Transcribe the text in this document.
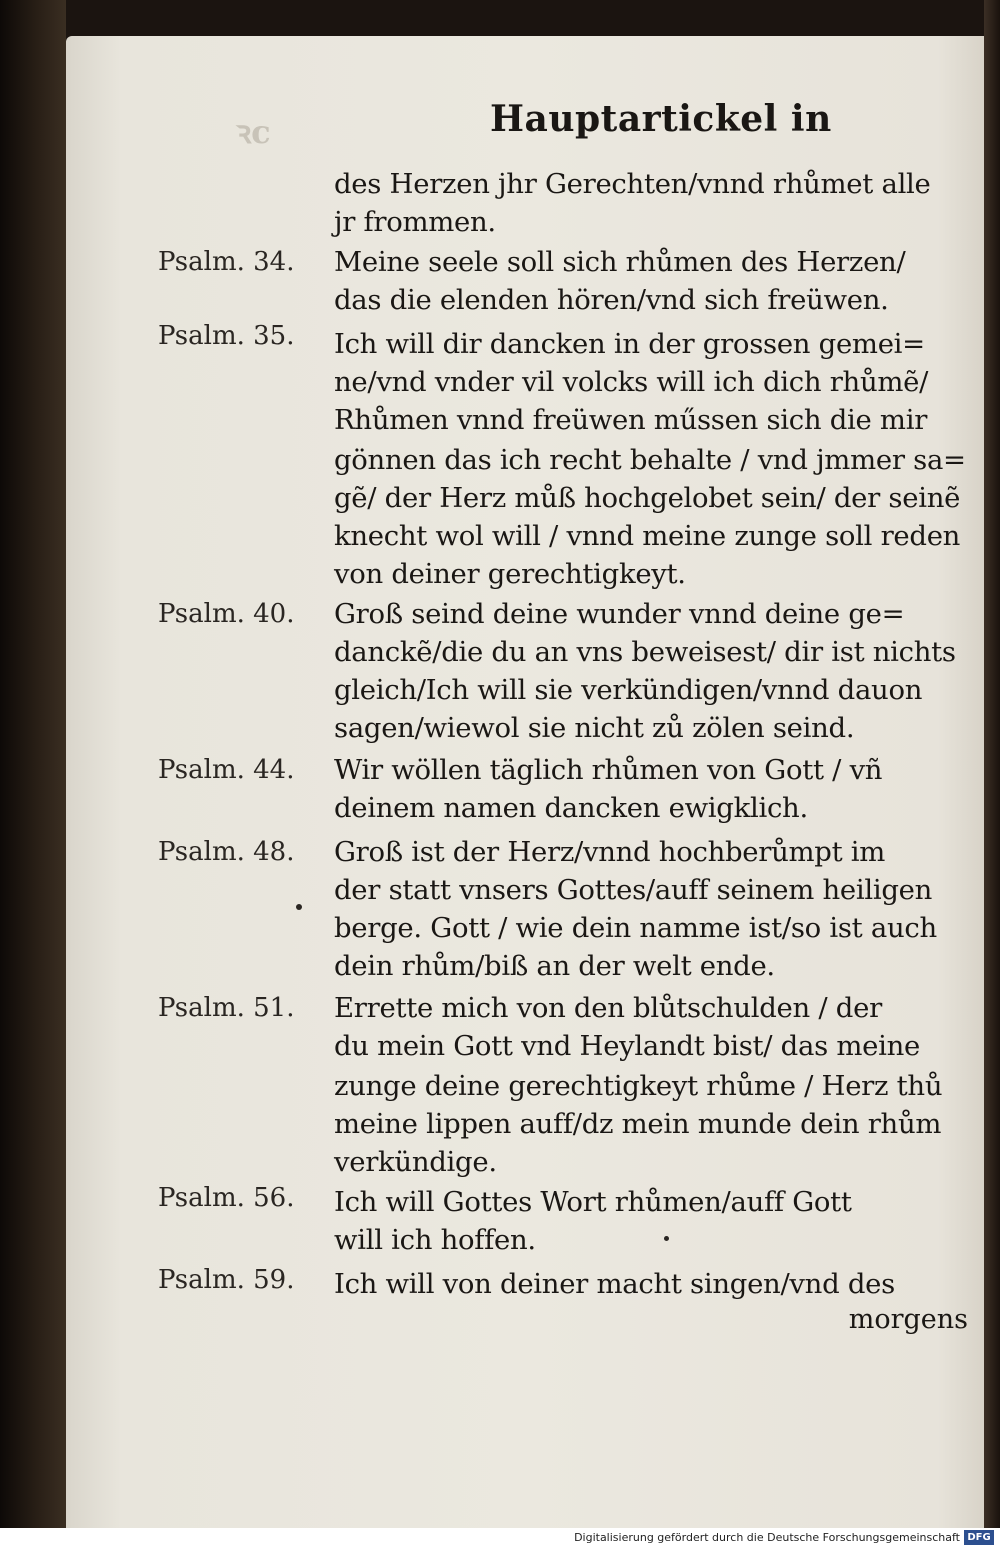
ꝛc	Hauptartickel in
des Herzen jhr Gerechten/vnnd rhůmet alle
jr frommen.
Meine seele soll sich rhůmen des Herzen/
das die elenden hören/vnd sich freüwen.
Ich will dir dancken in der grossen gemei=
ne/vnd vnder vil volcks will ich dich rhůmẽ/
Rhůmen vnnd freüwen műssen sich die mir
gönnen das ich recht behalte / vnd jmmer sa=
gẽ/ der Herz můß hochgelobet sein/ der seinẽ
knecht wol will / vnnd meine zunge soll reden
von deiner gerechtigkeyt.
Groß seind deine wunder vnnd deine ge=
danckẽ/die du an vns beweisest/ dir ist nichts
gleich/Ich will sie verkündigen/vnnd dauon
sagen/wiewol sie nicht zů zölen seind.
Wir wöllen täglich rhůmen von Gott / vñ
deinem namen dancken ewigklich.
Groß ist der Herz/vnnd hochberůmpt im
der statt vnsers Gottes/auff seinem heiligen
berge. Gott / wie dein namme ist/so ist auch
dein rhům/biß an der welt ende.
Errette mich von den blůtschulden / der
du mein Gott vnd Heylandt bist/ das meine
zunge deine gerechtigkeyt rhůme / Herz thů
meine lippen auff/dz mein munde dein rhům
verkündige.
Ich will Gottes Wort rhůmen/auff Gott
will ich hoffen.
Ich will von deiner macht singen/vnd des
Psalm. 34.
Psalm. 35.
Psalm. 40.
Psalm. 44.
Psalm. 48.
Psalm. 51.
Psalm. 56.
Psalm. 59.
morgens
Digitalisierung gefördert durch die Deutsche Forschungsgemeinschaft DFG
